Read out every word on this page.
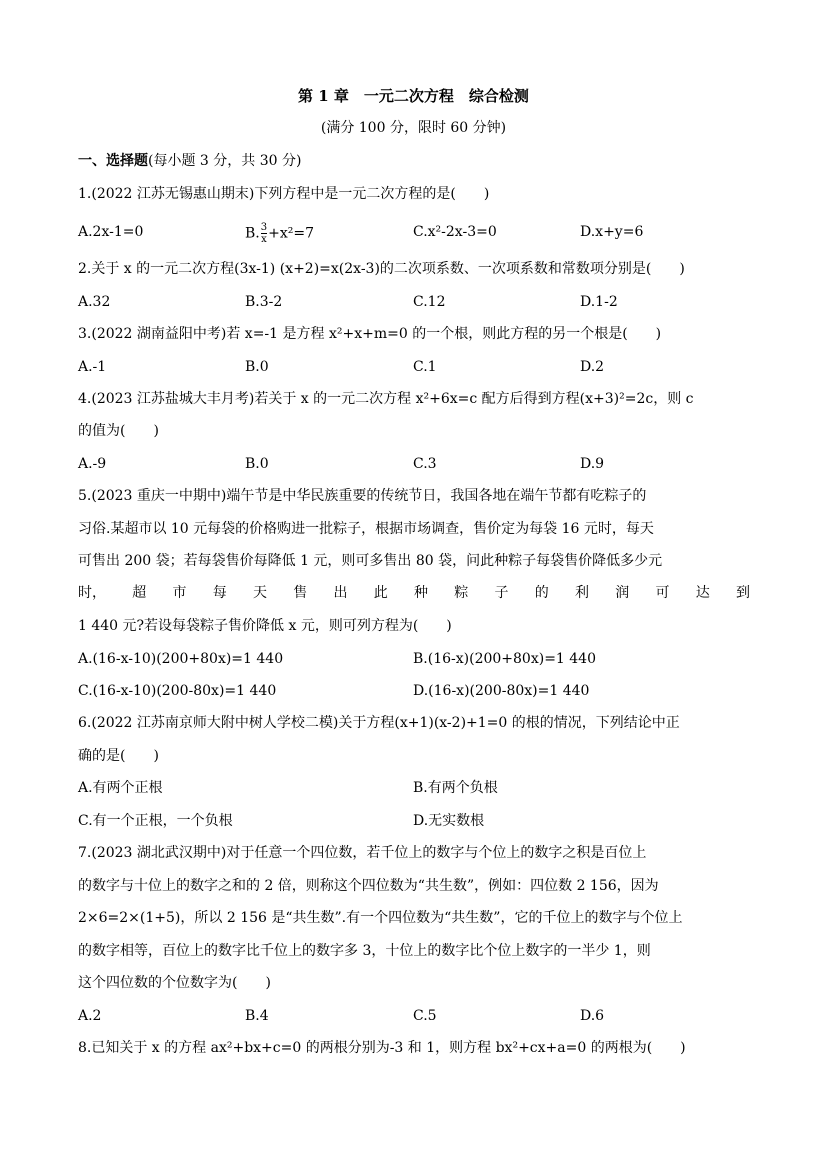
第 1 章　一元二次方程　综合检测
(满分 100 分，限时 60 分钟)
一、选择题(每小题 3 分，共 30 分)
1.(2022 江苏无锡惠山期末)下列方程中是一元二次方程的是(　　)
A.2x-1=0	B. $\frac{3}{x} +x^2=7$	C.x²-2x-3=0	D.x+y=6
2.关于 x 的一元二次方程(3x-1) (x+2)=x(2x-3)的二次项系数、一次项系数和常数项分别是(　　)
A.32	B.3-2	C.12	D.1-2
3.(2022 湖南益阳中考)若 x=-1 是方程 x²+x+m=0 的一个根，则此方程的另一个根是(　　)
A.-1	B.0	C.1	D.2
4.(2023 江苏盐城大丰月考)若关于 x 的一元二次方程 x²+6x=c 配方后得到方程(x+3)²=2c，则 c
的值为(　　)
A.-9	B.0	C.3	D.9
5.(2023 重庆一中期中)端午节是中华民族重要的传统节日，我国各地在端午节都有吃粽子的
习俗.某超市以 10 元每袋的价格购进一批粽子，根据市场调查，售价定为每袋 16 元时，每天
可售出 200 袋；若每袋售价每降低 1 元，则可多售出 80 袋，问此种粽子每袋售价降低多少元
时， 超 市 每 天 售 出 此 种 粽 子 的 利 润 可 达 到
1 440 元?若设每袋粽子售价降低 x 元，则可列方程为(　　)
A.(16-x-10)(200+80x)=1 440	B.(16-x)(200+80x)=1 440
C.(16-x-10)(200-80x)=1 440	D.(16-x)(200-80x)=1 440
6.(2022 江苏南京师大附中树人学校二模)关于方程(x+1)(x-2)+1=0 的根的情况，下列结论中正
确的是(　　)
A.有两个正根	B.有两个负根
C.有一个正根，一个负根	D.无实数根
7.(2023 湖北武汉期中)对于任意一个四位数，若千位上的数字与个位上的数字之积是百位上
的数字与十位上的数字之和的 2 倍，则称这个四位数为“共生数”，例如：四位数 2 156，因为
2×6=2×(1+5)，所以 2 156 是“共生数”.有一个四位数为“共生数”，它的千位上的数字与个位上
的数字相等，百位上的数字比千位上的数字多 3，十位上的数字比个位上数字的一半少 1，则
这个四位数的个位数字为(　　)
A.2	B.4	C.5	D.6
8.已知关于 x 的方程 ax²+bx+c=0 的两根分别为-3 和 1，则方程 bx²+cx+a=0 的两根为(　　)
